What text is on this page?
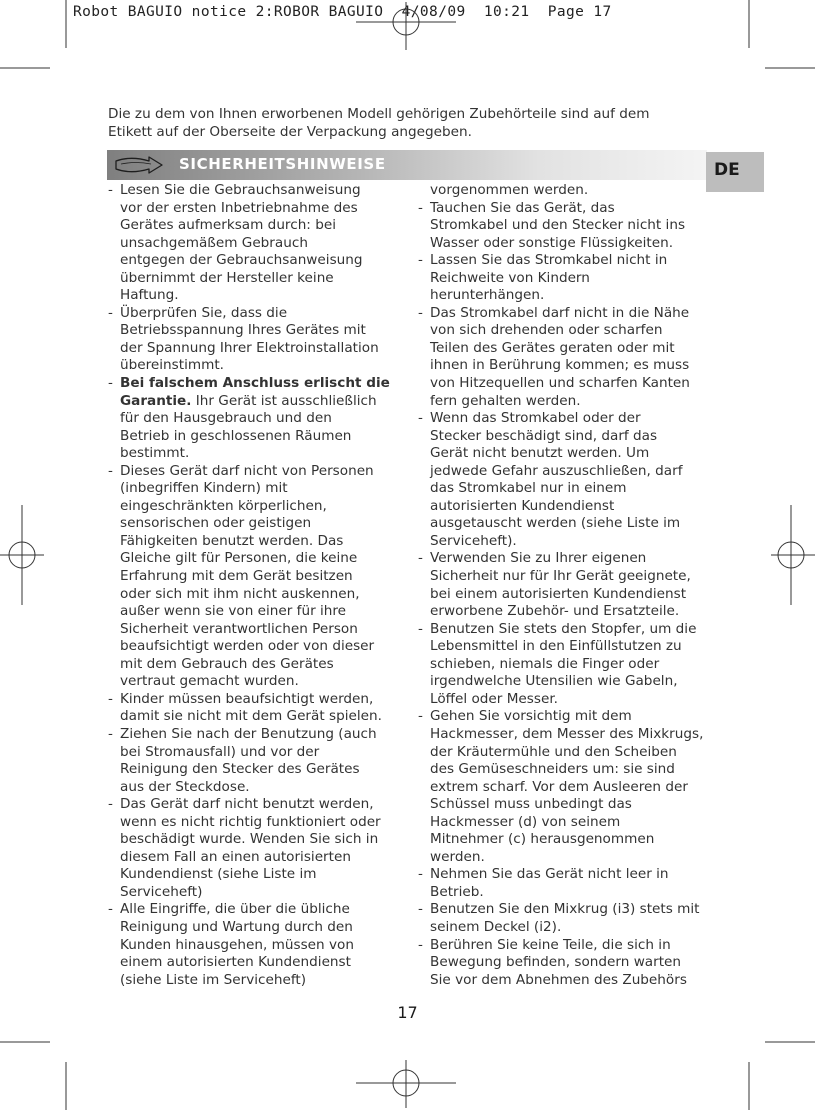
Robot BAGUIO notice 2:ROBOR BAGUIO  4/08/09  10:21  Page 17
Die zu dem von Ihnen erworbenen Modell gehörigen Zubehörteile sind auf dem
Etikett auf der Oberseite der Verpackung angegeben.
SICHERHEITSHINWEISE	DE
- Lesen Sie die Gebrauchsanweisung
vor der ersten Inbetriebnahme des
Gerätes aufmerksam durch: bei
unsachgemäßem Gebrauch
entgegen der Gebrauchsanweisung
übernimmt der Hersteller keine
Haftung.
- Überprüfen Sie, dass die
Betriebsspannung Ihres Gerätes mit
der Spannung Ihrer Elektroinstallation
übereinstimmt.
- Bei falschem Anschluss erlischt die
Garantie. Ihr Gerät ist ausschließlich
für den Hausgebrauch und den
Betrieb in geschlossenen Räumen
bestimmt.
- Dieses Gerät darf nicht von Personen
(inbegriffen Kindern) mit
eingeschränkten körperlichen,
sensorischen oder geistigen
Fähigkeiten benutzt werden. Das
Gleiche gilt für Personen, die keine
Erfahrung mit dem Gerät besitzen
oder sich mit ihm nicht auskennen,
außer wenn sie von einer für ihre
Sicherheit verantwortlichen Person
beaufsichtigt werden oder von dieser
mit dem Gebrauch des Gerätes
vertraut gemacht wurden.
- Kinder müssen beaufsichtigt werden,
damit sie nicht mit dem Gerät spielen.
- Ziehen Sie nach der Benutzung (auch
bei Stromausfall) und vor der
Reinigung den Stecker des Gerätes
aus der Steckdose.
- Das Gerät darf nicht benutzt werden,
wenn es nicht richtig funktioniert oder
beschädigt wurde. Wenden Sie sich in
diesem Fall an einen autorisierten
Kundendienst (siehe Liste im
Serviceheft)
- Alle Eingriffe, die über die übliche
Reinigung und Wartung durch den
Kunden hinausgehen, müssen von
einem autorisierten Kundendienst
(siehe Liste im Serviceheft)
vorgenommen werden.
- Tauchen Sie das Gerät, das
Stromkabel und den Stecker nicht ins
Wasser oder sonstige Flüssigkeiten.
- Lassen Sie das Stromkabel nicht in
Reichweite von Kindern
herunterhängen.
- Das Stromkabel darf nicht in die Nähe
von sich drehenden oder scharfen
Teilen des Gerätes geraten oder mit
ihnen in Berührung kommen; es muss
von Hitzequellen und scharfen Kanten
fern gehalten werden.
- Wenn das Stromkabel oder der
Stecker beschädigt sind, darf das
Gerät nicht benutzt werden. Um
jedwede Gefahr auszuschließen, darf
das Stromkabel nur in einem
autorisierten Kundendienst
ausgetauscht werden (siehe Liste im
Serviceheft).
- Verwenden Sie zu Ihrer eigenen
Sicherheit nur für Ihr Gerät geeignete,
bei einem autorisierten Kundendienst
erworbene Zubehör- und Ersatzteile.
- Benutzen Sie stets den Stopfer, um die
Lebensmittel in den Einfüllstutzen zu
schieben, niemals die Finger oder
irgendwelche Utensilien wie Gabeln,
Löffel oder Messer.
- Gehen Sie vorsichtig mit dem
Hackmesser, dem Messer des Mixkrugs,
der Kräutermühle und den Scheiben
des Gemüseschneiders um: sie sind
extrem scharf. Vor dem Ausleeren der
Schüssel muss unbedingt das
Hackmesser (d) von seinem
Mitnehmer (c) herausgenommen
werden.
- Nehmen Sie das Gerät nicht leer in
Betrieb.
- Benutzen Sie den Mixkrug (i3) stets mit
seinem Deckel (i2).
- Berühren Sie keine Teile, die sich in
Bewegung befinden, sondern warten
Sie vor dem Abnehmen des Zubehörs
17
